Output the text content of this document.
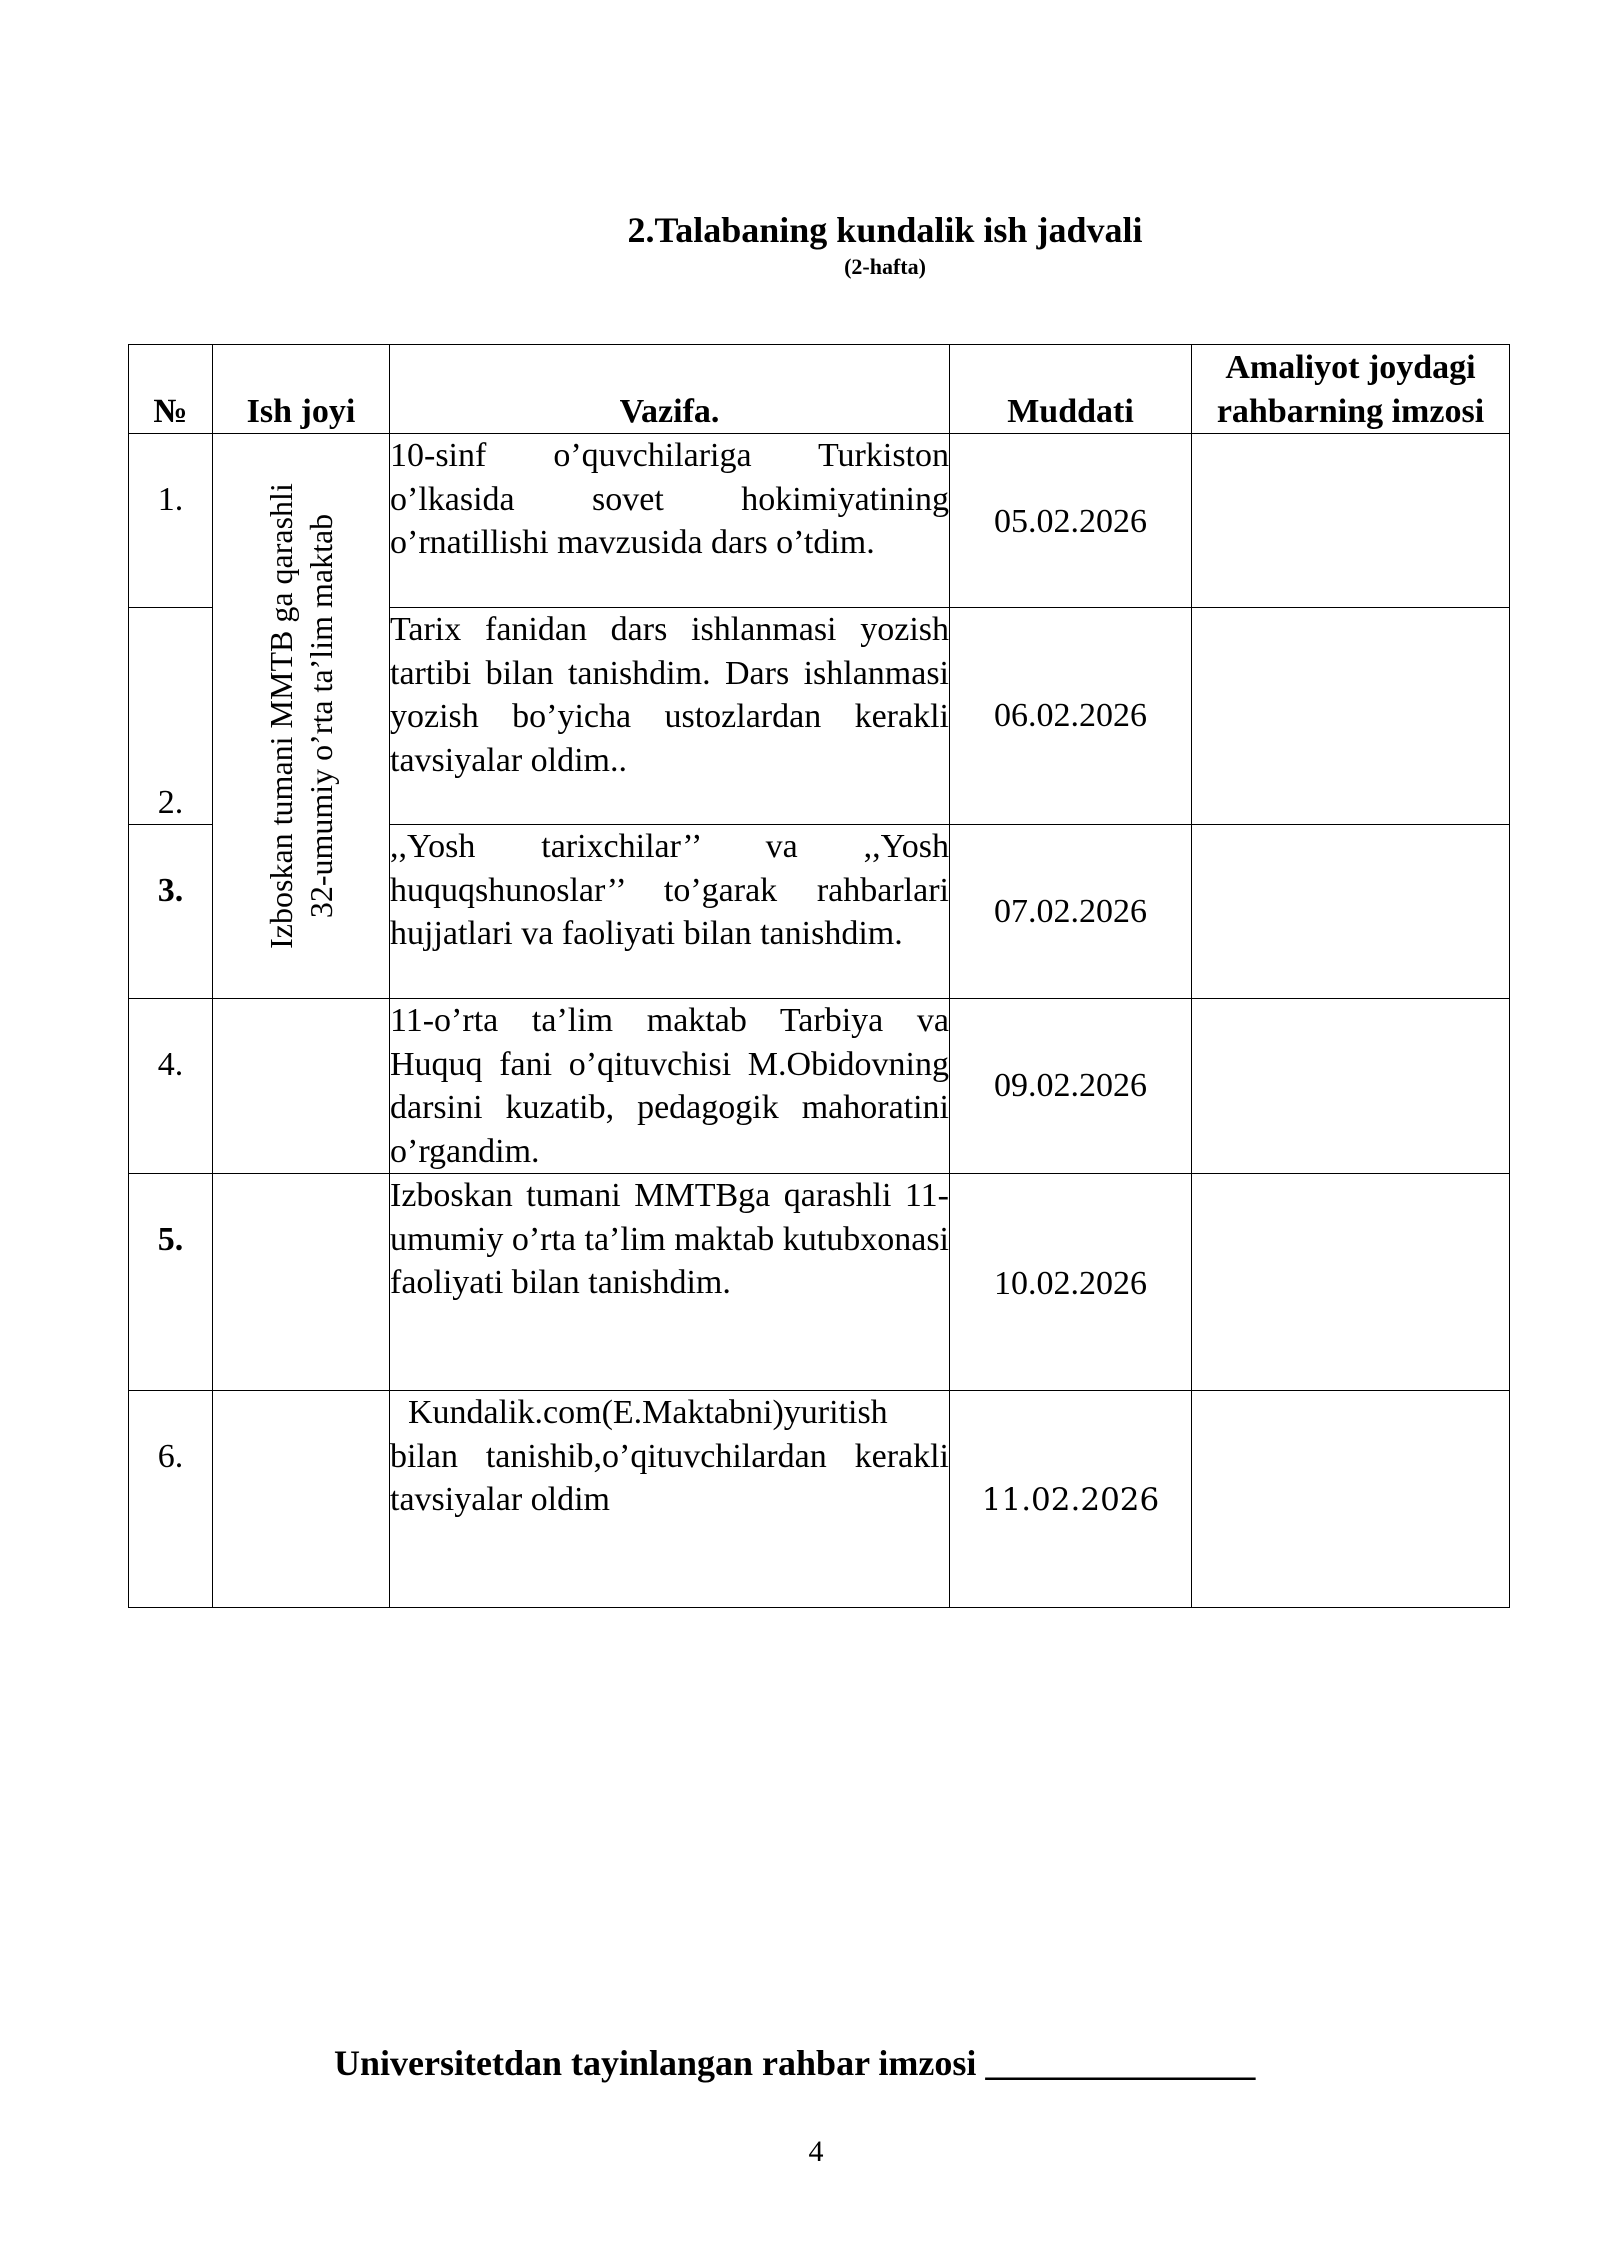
2.Talabaning kundalik ish jadvali
(2-hafta)
№	Ish joyi	Vazifa.	Muddati	Amaliyot joydagi
rahbarning imzosi

1.	Izboskan tumani MMTB ga qarashli 32-umumiy o’rta ta’lim maktab	10-sinf o’quvchilariga Turkiston o’lkasida sovet hokimiyatining o’rnatillishi mavzusida dars o’tdim.	05.02.2026	
2.		Tarix fanidan dars ishlanmasi yozish tartibi bilan tanishdim. Dars ishlanmasi yozish bo’yicha ustozlardan kerakli tavsiyalar oldim..	06.02.2026	
3.		,,Yosh tarixchilar’’ va ,,Yosh huquqshunoslar’’ to’garak rahbarlari hujjatlari va faoliyati bilan tanishdim.	07.02.2026	
4.		11-o’rta ta’lim maktab Tarbiya va Huquq fani o’qituvchisi M.Obidovning darsini kuzatib, pedagogik mahoratini o’rgandim.	09.02.2026	
5.		Izboskan tumani MMTBga qarashli 11-umumiy o’rta ta’lim maktab kutubxonasi faoliyati bilan tanishdim.	10.02.2026	
6.		Kundalik.com(E.Maktabni)yuritish bilan tanishib,o’qituvchilardan kerakli tavsiyalar oldim	11.02.2026	
Universitetdan tayinlangan rahbar imzosi _______________
4
